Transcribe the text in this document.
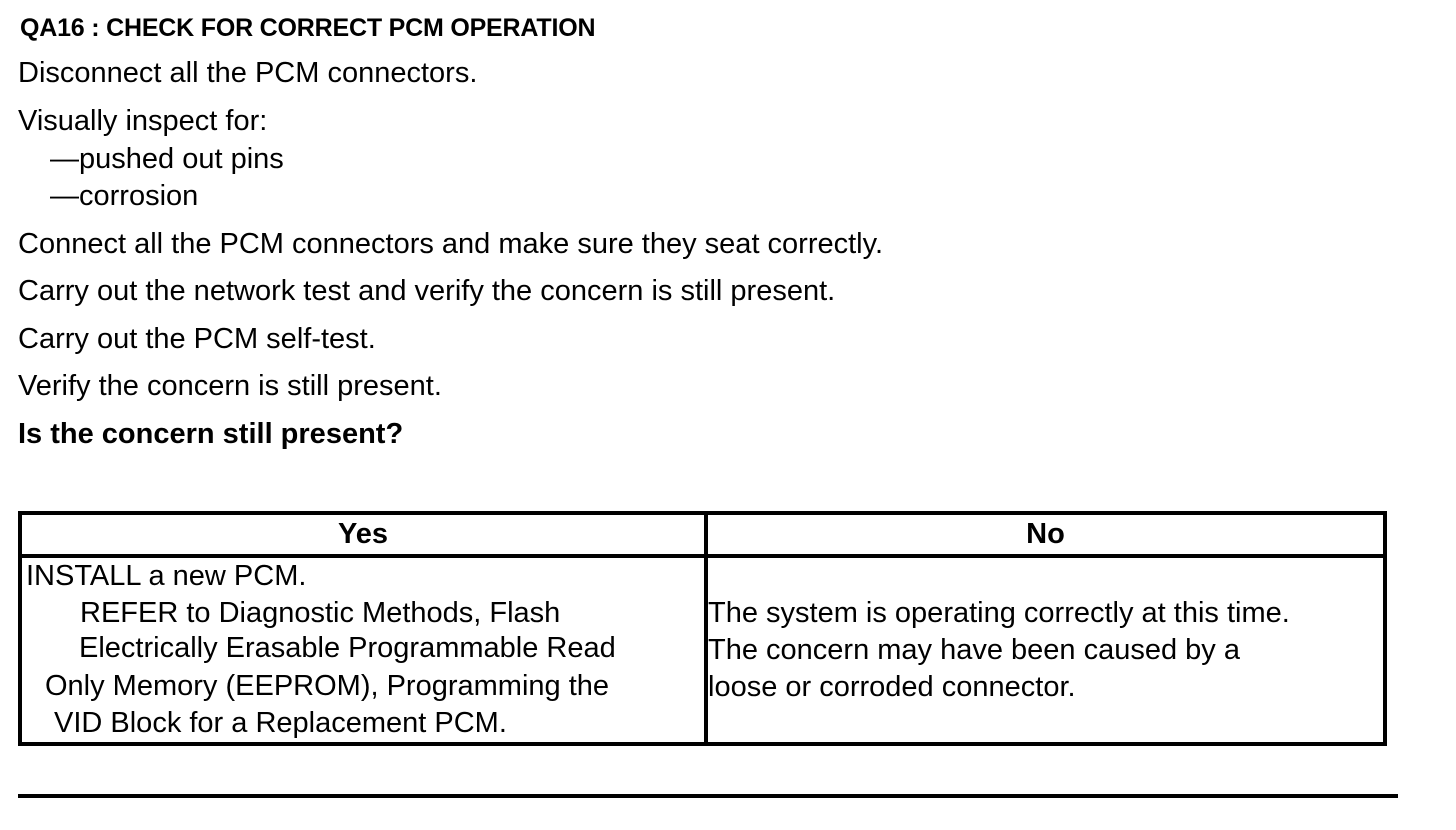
QA16 : CHECK FOR CORRECT PCM OPERATION
Disconnect all the PCM connectors.
Visually inspect for:
—pushed out pins
—corrosion
Connect all the PCM connectors and make sure they seat correctly.
Carry out the network test and verify the concern is still present.
Carry out the PCM self-test.
Verify the concern is still present.
Is the concern still present?
Yes	No
INSTALL a new PCM.
REFER to Diagnostic Methods, Flash
Electrically Erasable Programmable Read
Only Memory (EEPROM), Programming the
VID Block for a Replacement PCM.
The system is operating correctly at this time.
The concern may have been caused by a
loose or corroded connector.
